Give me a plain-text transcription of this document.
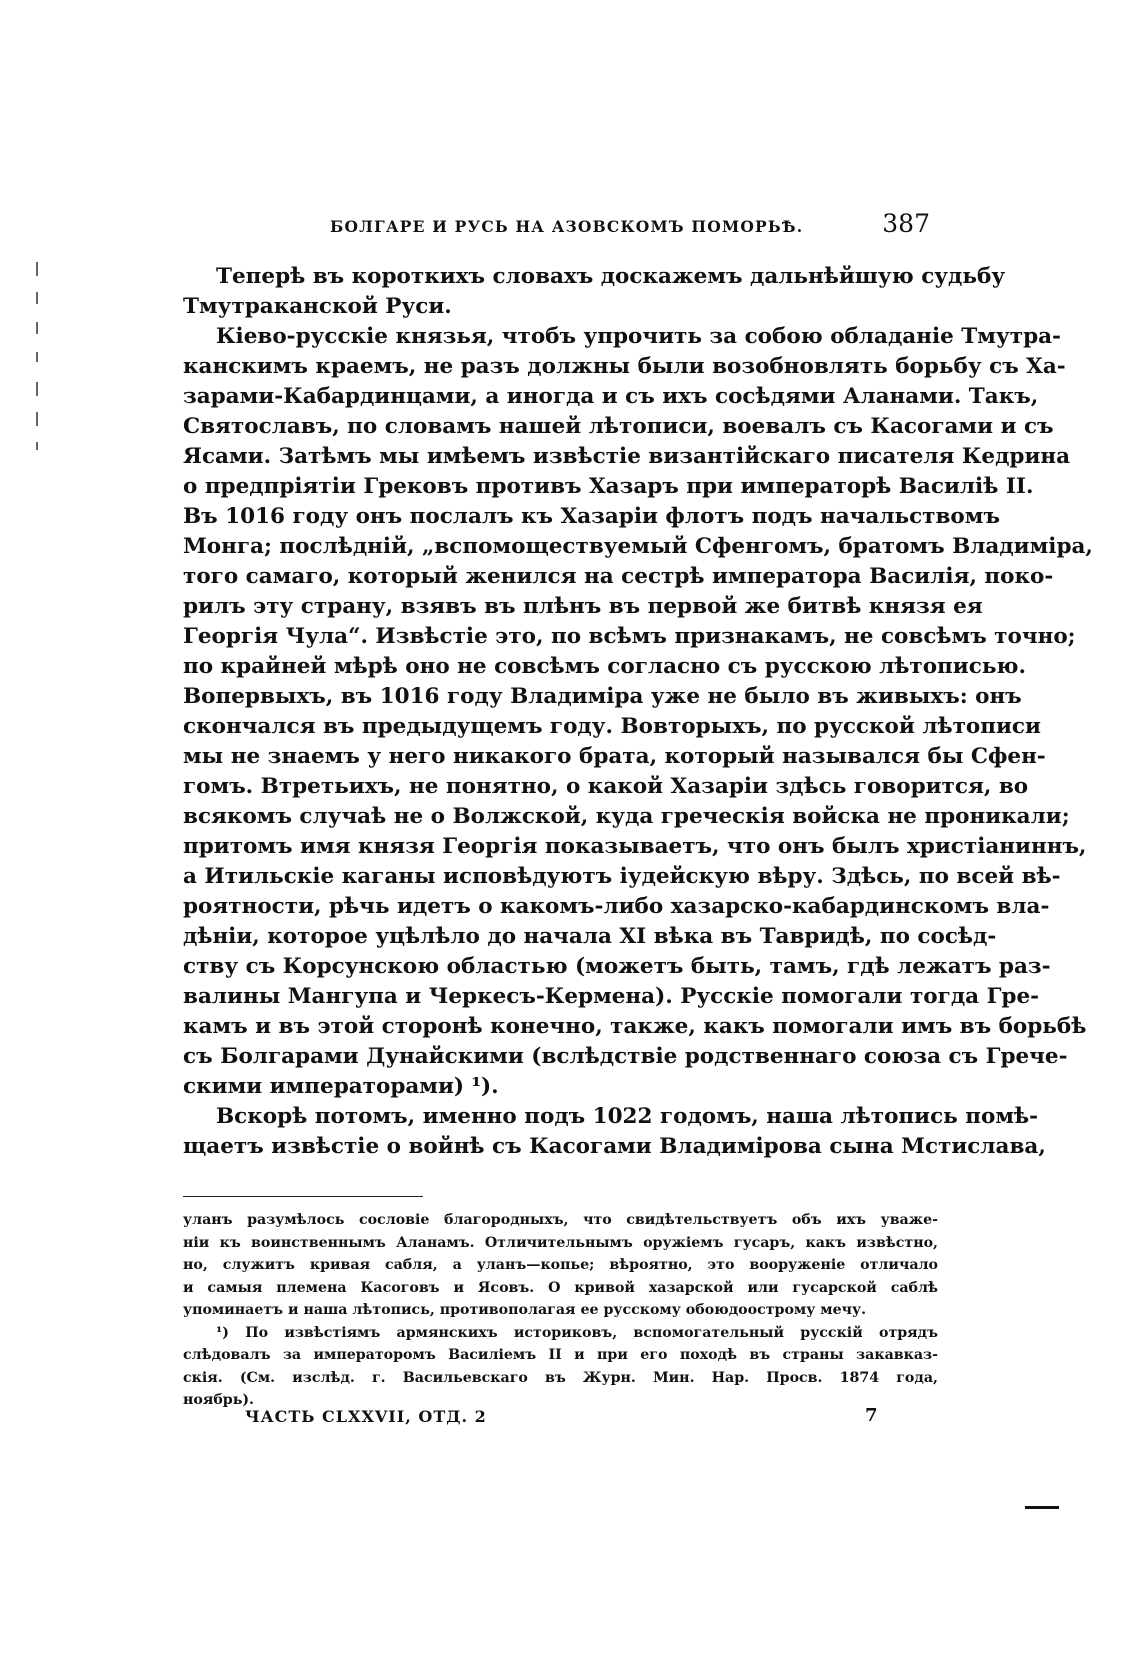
БОЛГАРЕ И РУСЬ НА АЗОВСКОМЪ ПОМОРЬѢ.	387
Теперѣ въ короткихъ словахъ доскажемъ дальнѣйшую судьбу
Тмутраканской Руси.
Кіево-русскіе князья, чтобъ упрочить за собою обладаніе Тмутра-
канскимъ краемъ, не разъ должны были возобновлять борьбу съ Ха-
зарами-Кабардинцами, а иногда и съ ихъ сосѣдями Аланами. Такъ,
Святославъ, по словамъ нашей лѣтописи, воевалъ съ Касогами и съ
Ясами. Затѣмъ мы имѣемъ извѣстіе византійскаго писателя Кедрина
о предпріятіи Грековъ противъ Хазаръ при императорѣ Василіѣ II.
Въ 1016 году онъ послалъ къ Хазаріи флотъ подъ начальствомъ
Монга; послѣдній, „вспомоществуемый Сфенгомъ, братомъ Владиміра,
того самаго, который женился на сестрѣ императора Василія, поко-
рилъ эту страну, взявъ въ плѣнъ въ первой же битвѣ князя ея
Георгія Чула“. Извѣстіе это, по всѣмъ признакамъ, не совсѣмъ точно;
по крайней мѣрѣ оно не совсѣмъ согласно съ русскою лѣтописью.
Вопервыхъ, въ 1016 году Владиміра уже не было въ живыхъ: онъ
скончался въ предыдущемъ году. Вовторыхъ, по русской лѣтописи
мы не знаемъ у него никакого брата, который назывался бы Сфен-
гомъ. Втретьихъ, не понятно, о какой Хазаріи здѣсь говорится, во
всякомъ случаѣ не о Волжской, куда греческія войска не проникали;
притомъ имя князя Георгія показываетъ, что онъ былъ христіаниннъ,
а Итильскіе каганы исповѣдуютъ іудейскую вѣру. Здѣсь, по всей вѣ-
роятности, рѣчь идетъ о какомъ-либо хазарско-кабардинскомъ вла-
дѣніи, которое уцѣлѣло до начала XI вѣка въ Тавридѣ, по сосѣд-
ству съ Корсунскою областью (можетъ быть, тамъ, гдѣ лежатъ раз-
валины Мангупа и Черкесъ-Кермена). Русскіе помогали тогда Гре-
камъ и въ этой сторонѣ конечно, также, какъ помогали имъ въ борьбѣ
съ Болгарами Дунайскими (вслѣдствіе родственнаго союза съ Грече-
скими императорами) ¹).
Вскорѣ потомъ, именно подъ 1022 годомъ, наша лѣтопись помѣ-
щаетъ извѣстіе о войнѣ съ Касогами Владимірова сына Мстислава,
уланъ разумѣлось сословіе благородныхъ, что свидѣтельствуетъ объ ихъ уваже-
ніи къ воинственнымъ Аланамъ. Отличительнымъ оружіемъ гусаръ, какъ извѣстно,
но, служитъ кривая сабля, а уланъ—копье; вѣроятно, это вооруженіе отличало
и самыя племена Касоговъ и Ясовъ. О кривой хазарской или гусарской саблѣ
упоминаетъ и наша лѣтопись, противополагая ее русскому обоюдоострому мечу.
¹) По извѣстіямъ армянскихъ историковъ, вспомогательный русскій отрядъ
слѣдовалъ за императоромъ Василіемъ II и при его походѣ въ страны закавказ-
скія. (См. изслѣд. г. Васильевскаго въ Журн. Мин. Нар. Просв. 1874 года,
ноябрь).
ЧАСТЬ CLXXVII, ОТД. 2	7
